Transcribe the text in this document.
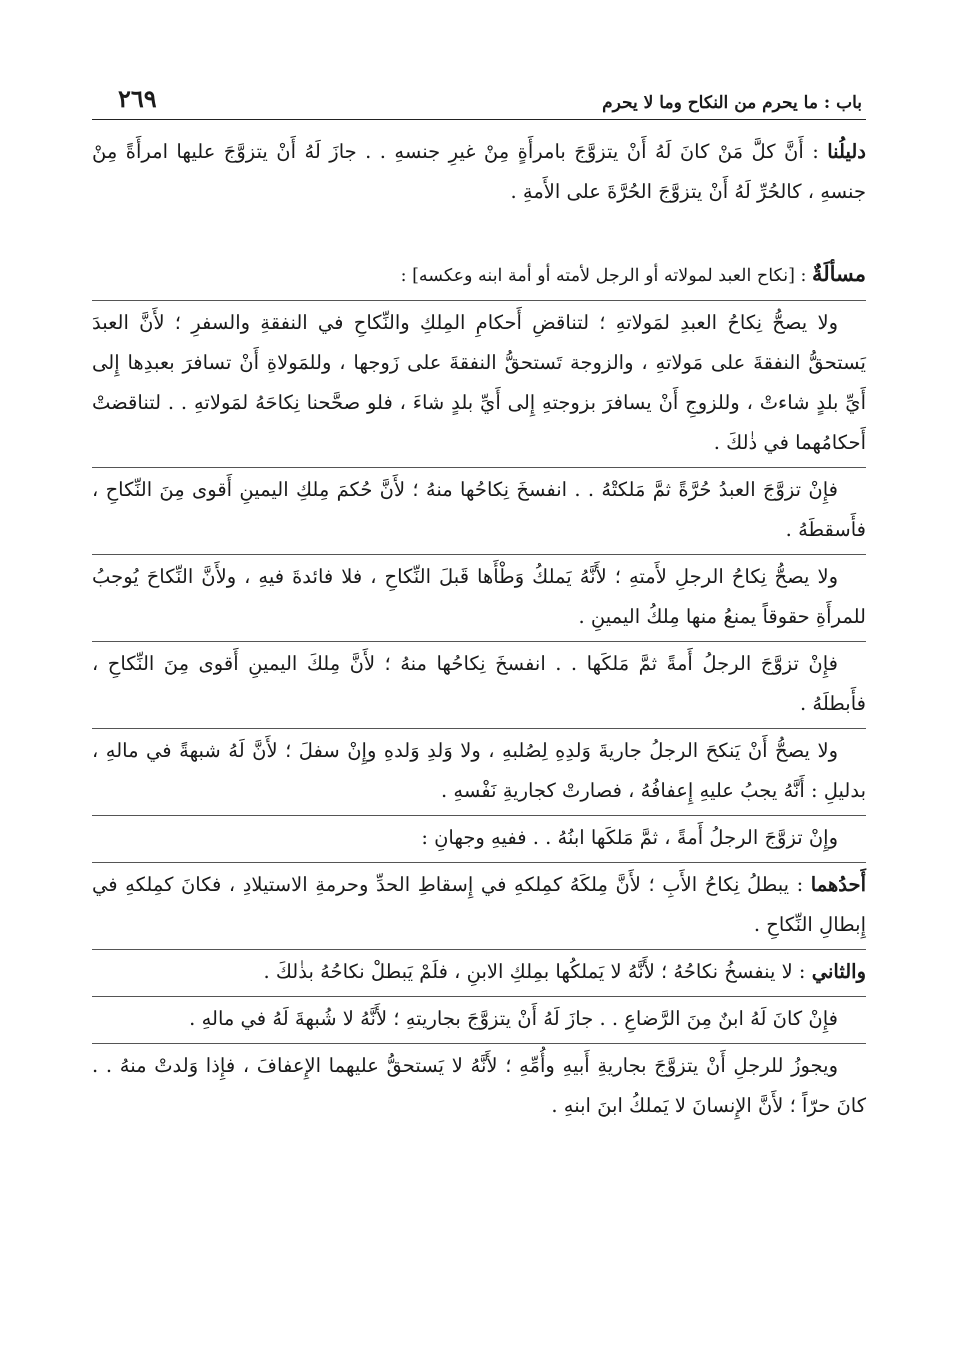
باب : ما يحرم من النكاح وما لا يحرم
٢٦٩

دليلُنا : أَنَّ كلَّ مَنْ كانَ لَهُ أَنْ يتزوَّجَ بامرأَةٍ مِنْ غيرِ جنسهِ . . جازَ لَهُ أَنْ يتزوَّجَ عليها امرأَةً مِنْ جنسهِ ، كالحُرِّ لَهُ أَنْ يتزوَّجَ الحُرَّةَ على الأَمةِ .

مسألَةٌ : [نكاح العبد لمولاته أو الرجل لأمته أو أمة ابنه وعكسه] :

ولا يصحُّ نِكاحُ العبدِ لمَولاتهِ ؛ لتناقضِ أَحكامِ المِلكِ والنِّكاحِ في النفقةِ والسفرِ ؛ لأَنَّ العبدَ يَستحقُّ النفقةَ على مَولاتهِ ، والزوجة تَستحقُّ النفقةَ على زَوجها ، وللمَولاةِ أَنْ تسافرَ بعبدِها إِلى أَيِّ بلدٍ شاءتْ ، وللزوجِ أَنْ يسافرَ بزوجتهِ إِلى أَيِّ بلدٍ شاءَ ، فلو صحَّحنا نِكاحَهُ لمَولاتهِ . . لتناقضتْ أَحكامُهما في ذٰلكَ .

فإِنْ تزوَّجَ العبدُ حُرَّةً ثمَّ مَلكتْهُ . . انفسخَ نِكاحُها منهُ ؛ لأَنَّ حُكمَ مِلكِ اليمينِ أَقوى مِنَ النِّكاحِ ، فأَسقطَهُ .

ولا يصحُّ نِكاحُ الرجلِ لأَمتهِ ؛ لأَنَّهُ يَملكُ وَطْأَها قَبلَ النِّكاحِ ، فلا فائدةَ فيهِ ، ولأَنَّ النِّكاحَ يُوجبُ للمرأَةِ حقوقاً يمنعُ منها مِلكُ اليمينِ .

فإِنْ تزوَّجَ الرجلُ أَمةً ثمَّ مَلكَها . . انفسخَ نِكاحُها منهُ ؛ لأَنَّ مِلكَ اليمينِ أَقوى مِنَ النِّكاحِ ، فأَبطلَهُ .

ولا يصحُّ أَنْ يَنكحَ الرجلُ جاريةَ وَلدِهِ لِصُلبهِ ، ولا وَلدِ وَلدهِ وإِنْ سفلَ ؛ لأَنَّ لَهُ شبهةً في مالهِ ، بدليلِ : أَنَّهُ يجبُ عليهِ إِعفافُهُ ، فصارتْ كجاريةِ نَفْسهِ .

وإِنْ تزوَّجَ الرجلُ أَمةً ، ثمَّ مَلكَها ابنُهُ . . ففيهِ وجهانِ :

أَحدُهما : يبطلُ نِكاحُ الأَبِ ؛ لأَنَّ مِلكَهُ كمِلكهِ في إِسقاطِ الحدِّ وحرمةِ الاستيلادِ ، فكانَ كمِلكهِ في إِبطالِ النِّكاحِ .

والثاني : لا ينفسخُ نكاحُهُ ؛ لأَنَّهُ لا يَملكُها بمِلكِ الابنِ ، فلَمْ يَبطلْ نكاحُهُ بذٰلكَ .

فإِنْ كانَ لَهُ ابنٌ مِنَ الرَّضاعِ . . جازَ لَهُ أَنْ يتزوَّجَ بجاريتهِ ؛ لأَنَّهُ لا شُبهةَ لَهُ في مالهِ .

ويجوزُ للرجلِ أَنْ يتزوَّجَ بجاريةِ أَبيهِ وأُمِّهِ ؛ لأَنَّهُ لا يَستحقُّ عليهما الإِعفافَ ، فإِذا وَلدتْ منهُ . . كانَ حرّاً ؛ لأَنَّ الإِنسانَ لا يَملكُ ابنَ ابنهِ .
